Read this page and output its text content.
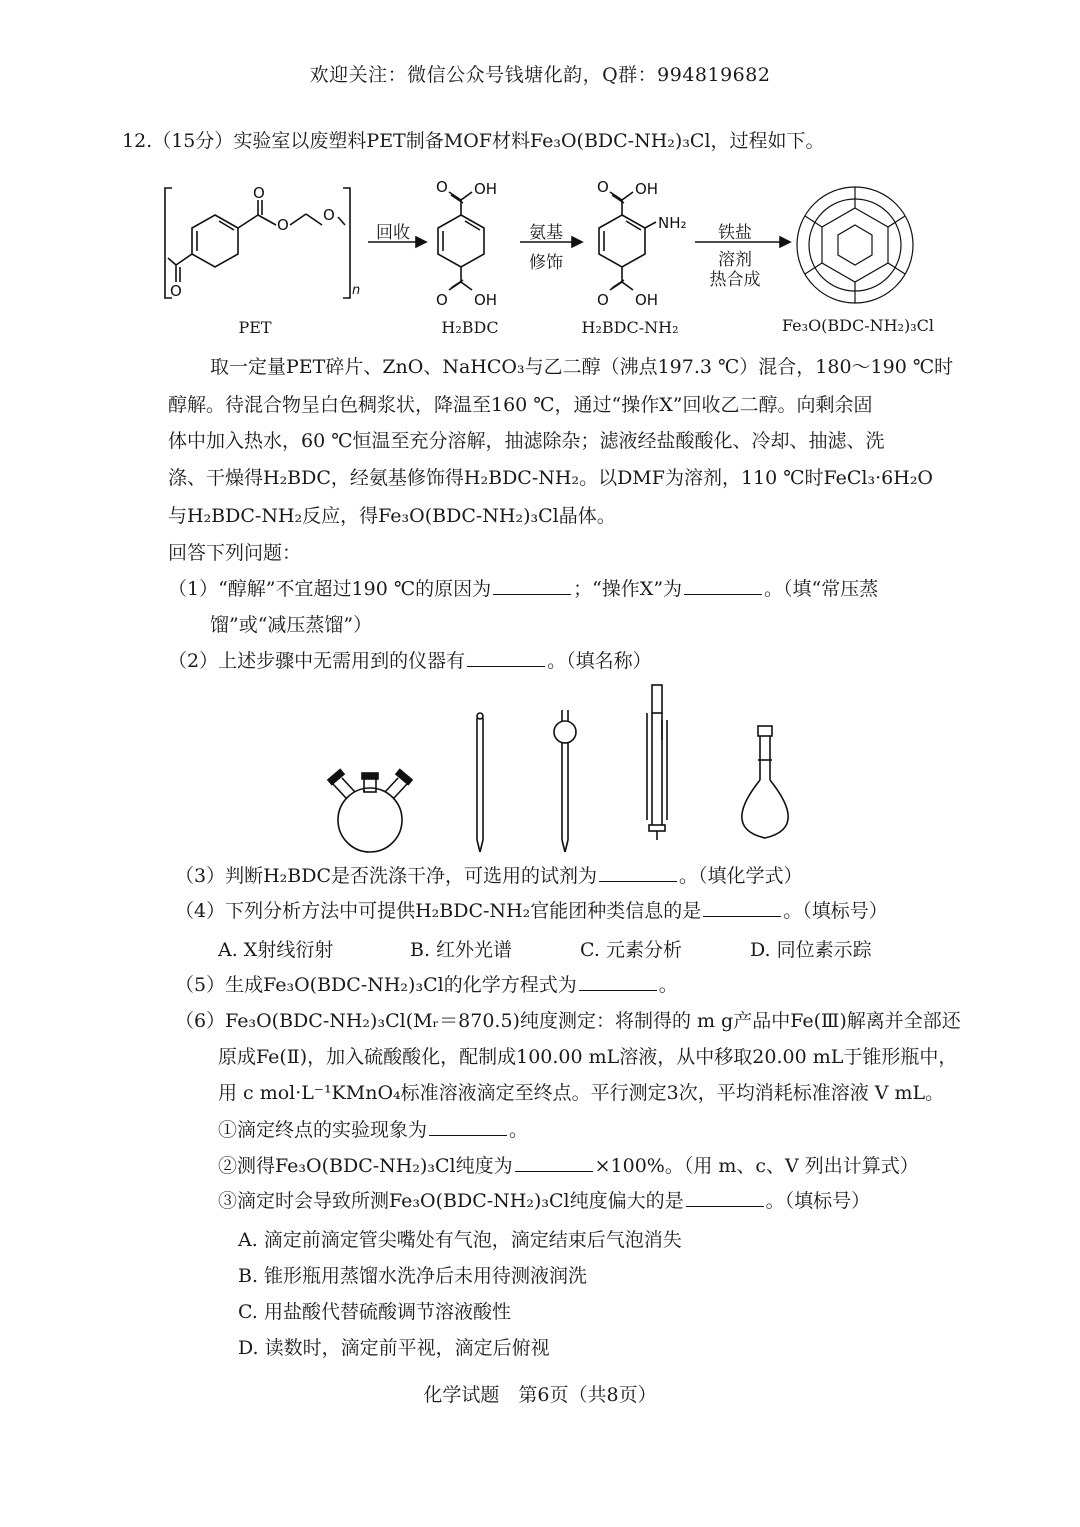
欢迎关注：微信公众号钱塘化韵，Q群：994819682
12.（15分）实验室以废塑料PET制备MOF材料Fe₃O(BDC-NH₂)₃Cl，过程如下。
O
O
O
O	n
O OH
O OH
O OH
NH₂
O OH
回收	氨基
修饰
铁盐
溶剂
热合成
PET	H₂BDC	H₂BDC-NH₂	Fe₃O(BDC-NH₂)₃Cl
取一定量PET碎片、ZnO、NaHCO₃与乙二醇（沸点197.3 ℃）混合，180～190 ℃时
醇解。待混合物呈白色稠浆状，降温至160 ℃，通过“操作X”回收乙二醇。向剩余固
体中加入热水，60 ℃恒温至充分溶解，抽滤除杂；滤液经盐酸酸化、冷却、抽滤、洗
涤、干燥得H₂BDC，经氨基修饰得H₂BDC-NH₂。以DMF为溶剂，110 ℃时FeCl₃·6H₂O
与H₂BDC-NH₂反应，得Fe₃O(BDC-NH₂)₃Cl晶体。
回答下列问题：
（1）“醇解”不宜超过190 ℃的原因为	；“操作X”为	。（填“常压蒸
馏”或“减压蒸馏”）
（2）上述步骤中无需用到的仪器有	。（填名称）
（3）判断H₂BDC是否洗涤干净，可选用的试剂为	。（填化学式）
（4）下列分析方法中可提供H₂BDC-NH₂官能团种类信息的是	。（填标号）
A. X射线衍射	B. 红外光谱	C. 元素分析	D. 同位素示踪
（5）生成Fe₃O(BDC-NH₂)₃Cl的化学方程式为	。
（6）Fe₃O(BDC-NH₂)₃Cl(Mᵣ＝870.5)纯度测定：将制得的 m g产品中Fe(Ⅲ)解离并全部还
原成Fe(Ⅱ)，加入硫酸酸化，配制成100.00 mL溶液，从中移取20.00 mL于锥形瓶中，
用 c mol·L⁻¹KMnO₄标准溶液滴定至终点。平行测定3次，平均消耗标准溶液 V mL。
①滴定终点的实验现象为	。
②测得Fe₃O(BDC-NH₂)₃Cl纯度为	×100%。（用 m、c、V 列出计算式）
③滴定时会导致所测Fe₃O(BDC-NH₂)₃Cl纯度偏大的是	。（填标号）
A. 滴定前滴定管尖嘴处有气泡，滴定结束后气泡消失
B. 锥形瓶用蒸馏水洗净后未用待测液润洗
C. 用盐酸代替硫酸调节溶液酸性
D. 读数时，滴定前平视，滴定后俯视
化学试题　第6页（共8页）
